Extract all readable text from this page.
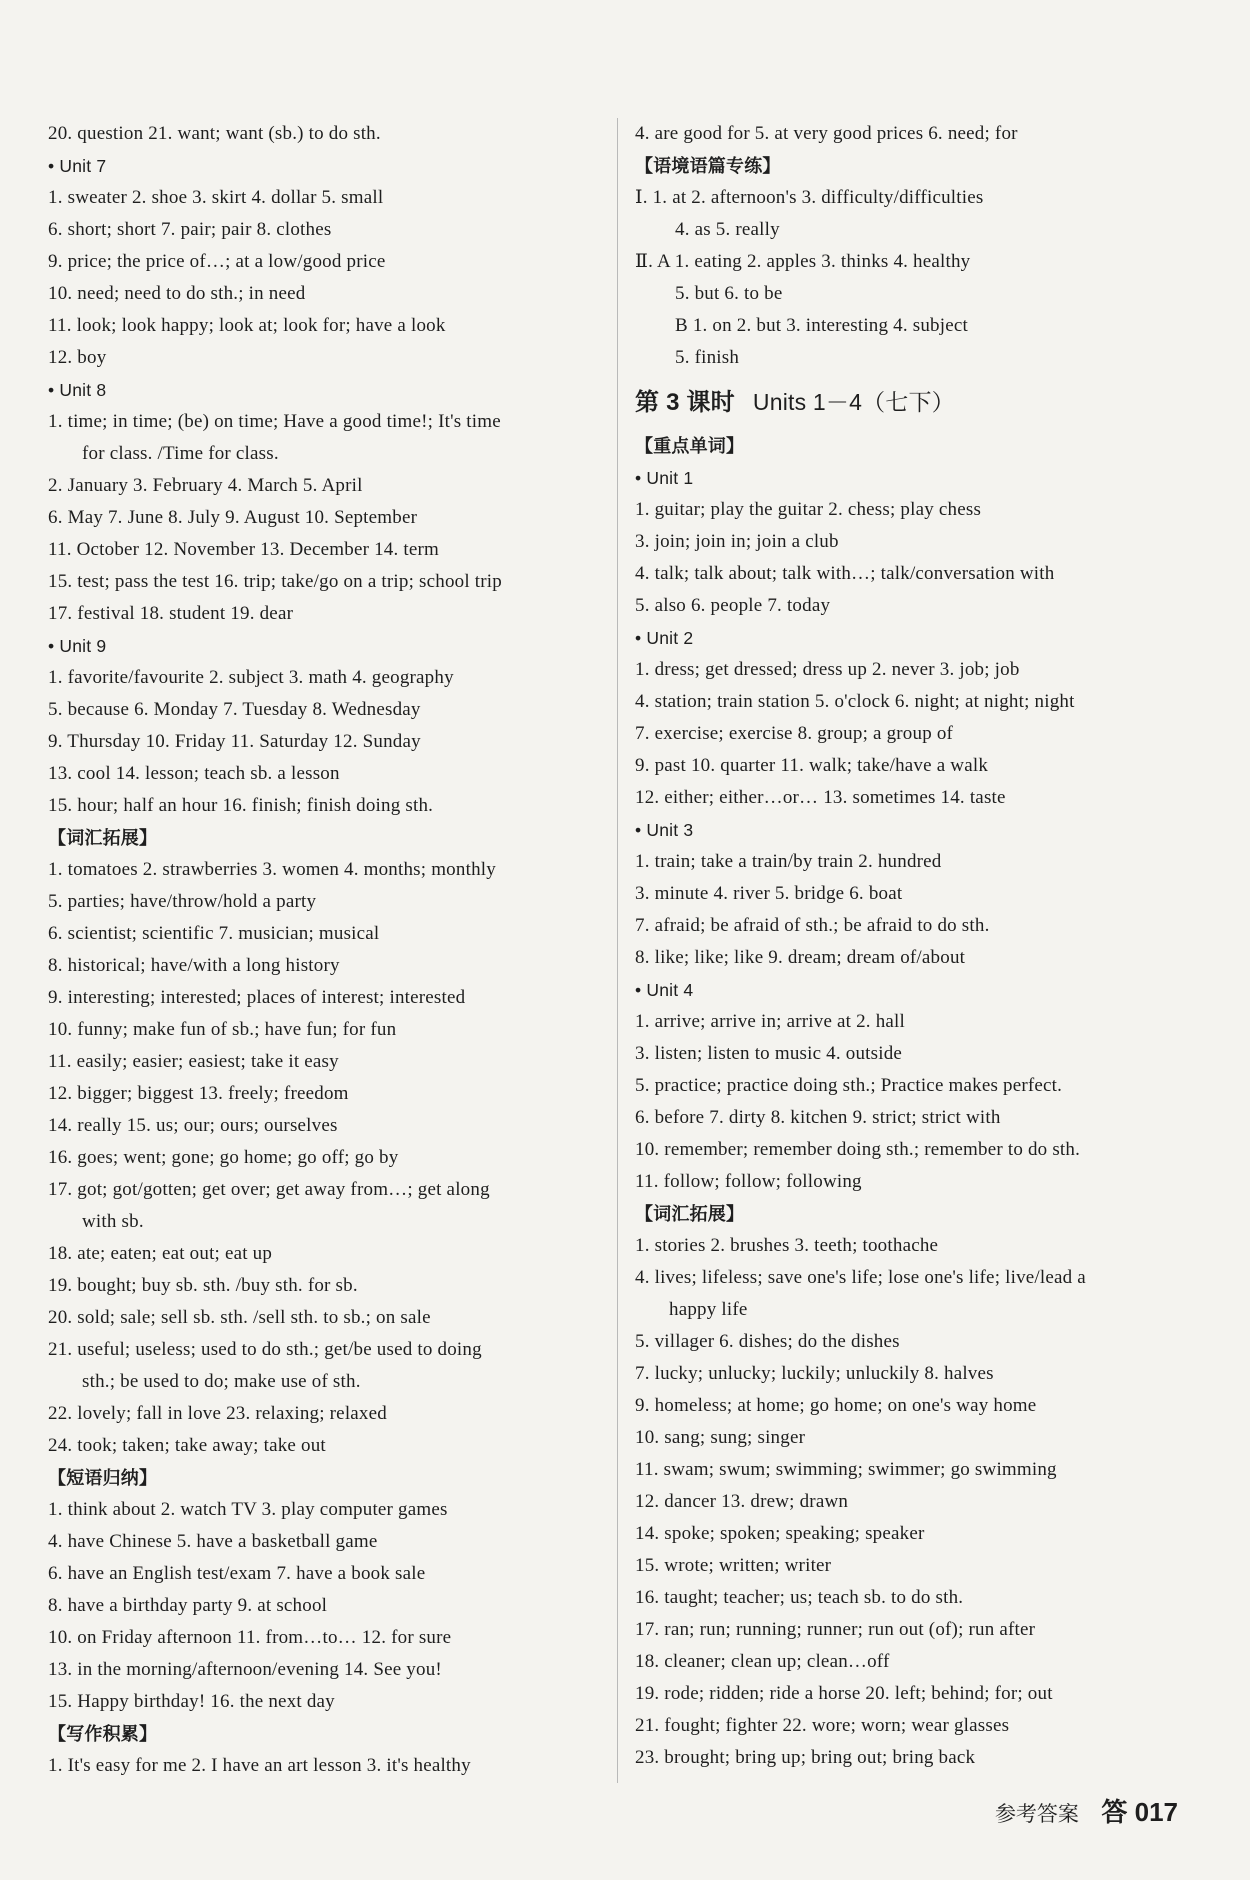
20. question 21. want; want (sb.) to do sth.
• Unit 7
1. sweater 2. shoe 3. skirt 4. dollar 5. small
6. short; short 7. pair; pair 8. clothes
9. price; the price of…; at a low/good price
10. need; need to do sth.; in need
11. look; look happy; look at; look for; have a look
12. boy
• Unit 8
1. time; in time; (be) on time; Have a good time!; It's time
for class. /Time for class.
2. January 3. February 4. March 5. April
6. May 7. June 8. July 9. August 10. September
11. October 12. November 13. December 14. term
15. test; pass the test 16. trip; take/go on a trip; school trip
17. festival 18. student 19. dear
• Unit 9
1. favorite/favourite 2. subject 3. math 4. geography
5. because 6. Monday 7. Tuesday 8. Wednesday
9. Thursday 10. Friday 11. Saturday 12. Sunday
13. cool 14. lesson; teach sb. a lesson
15. hour; half an hour 16. finish; finish doing sth.
【词汇拓展】
1. tomatoes 2. strawberries 3. women 4. months; monthly
5. parties; have/throw/hold a party
6. scientist; scientific 7. musician; musical
8. historical; have/with a long history
9. interesting; interested; places of interest; interested
10. funny; make fun of sb.; have fun; for fun
11. easily; easier; easiest; take it easy
12. bigger; biggest 13. freely; freedom
14. really 15. us; our; ours; ourselves
16. goes; went; gone; go home; go off; go by
17. got; got/gotten; get over; get away from…; get along
with sb.
18. ate; eaten; eat out; eat up
19. bought; buy sb. sth. /buy sth. for sb.
20. sold; sale; sell sb. sth. /sell sth. to sb.; on sale
21. useful; useless; used to do sth.; get/be used to doing
sth.; be used to do; make use of sth.
22. lovely; fall in love 23. relaxing; relaxed
24. took; taken; take away; take out
【短语归纳】
1. think about 2. watch TV 3. play computer games
4. have Chinese 5. have a basketball game
6. have an English test/exam 7. have a book sale
8. have a birthday party 9. at school
10. on Friday afternoon 11. from…to… 12. for sure
13. in the morning/afternoon/evening 14. See you!
15. Happy birthday! 16. the next day
【写作积累】
1. It's easy for me 2. I have an art lesson 3. it's healthy
4. are good for 5. at very good prices 6. need; for
【语境语篇专练】
Ⅰ. 1. at 2. afternoon's 3. difficulty/difficulties
4. as 5. really
Ⅱ. A 1. eating 2. apples 3. thinks 4. healthy
5. but 6. to be
B 1. on 2. but 3. interesting 4. subject
5. finish
第 3 课时 Units 1－4（七下）
【重点单词】
• Unit 1
1. guitar; play the guitar 2. chess; play chess
3. join; join in; join a club
4. talk; talk about; talk with…; talk/conversation with
5. also 6. people 7. today
• Unit 2
1. dress; get dressed; dress up 2. never 3. job; job
4. station; train station 5. o'clock 6. night; at night; night
7. exercise; exercise 8. group; a group of
9. past 10. quarter 11. walk; take/have a walk
12. either; either…or… 13. sometimes 14. taste
• Unit 3
1. train; take a train/by train 2. hundred
3. minute 4. river 5. bridge 6. boat
7. afraid; be afraid of sth.; be afraid to do sth.
8. like; like; like 9. dream; dream of/about
• Unit 4
1. arrive; arrive in; arrive at 2. hall
3. listen; listen to music 4. outside
5. practice; practice doing sth.; Practice makes perfect.
6. before 7. dirty 8. kitchen 9. strict; strict with
10. remember; remember doing sth.; remember to do sth.
11. follow; follow; following
【词汇拓展】
1. stories 2. brushes 3. teeth; toothache
4. lives; lifeless; save one's life; lose one's life; live/lead a
happy life
5. villager 6. dishes; do the dishes
7. lucky; unlucky; luckily; unluckily 8. halves
9. homeless; at home; go home; on one's way home
10. sang; sung; singer
11. swam; swum; swimming; swimmer; go swimming
12. dancer 13. drew; drawn
14. spoke; spoken; speaking; speaker
15. wrote; written; writer
16. taught; teacher; us; teach sb. to do sth.
17. ran; run; running; runner; run out (of); run after
18. cleaner; clean up; clean…off
19. rode; ridden; ride a horse 20. left; behind; for; out
21. fought; fighter 22. wore; worn; wear glasses
23. brought; bring up; bring out; bring back
参考答案 答 017
